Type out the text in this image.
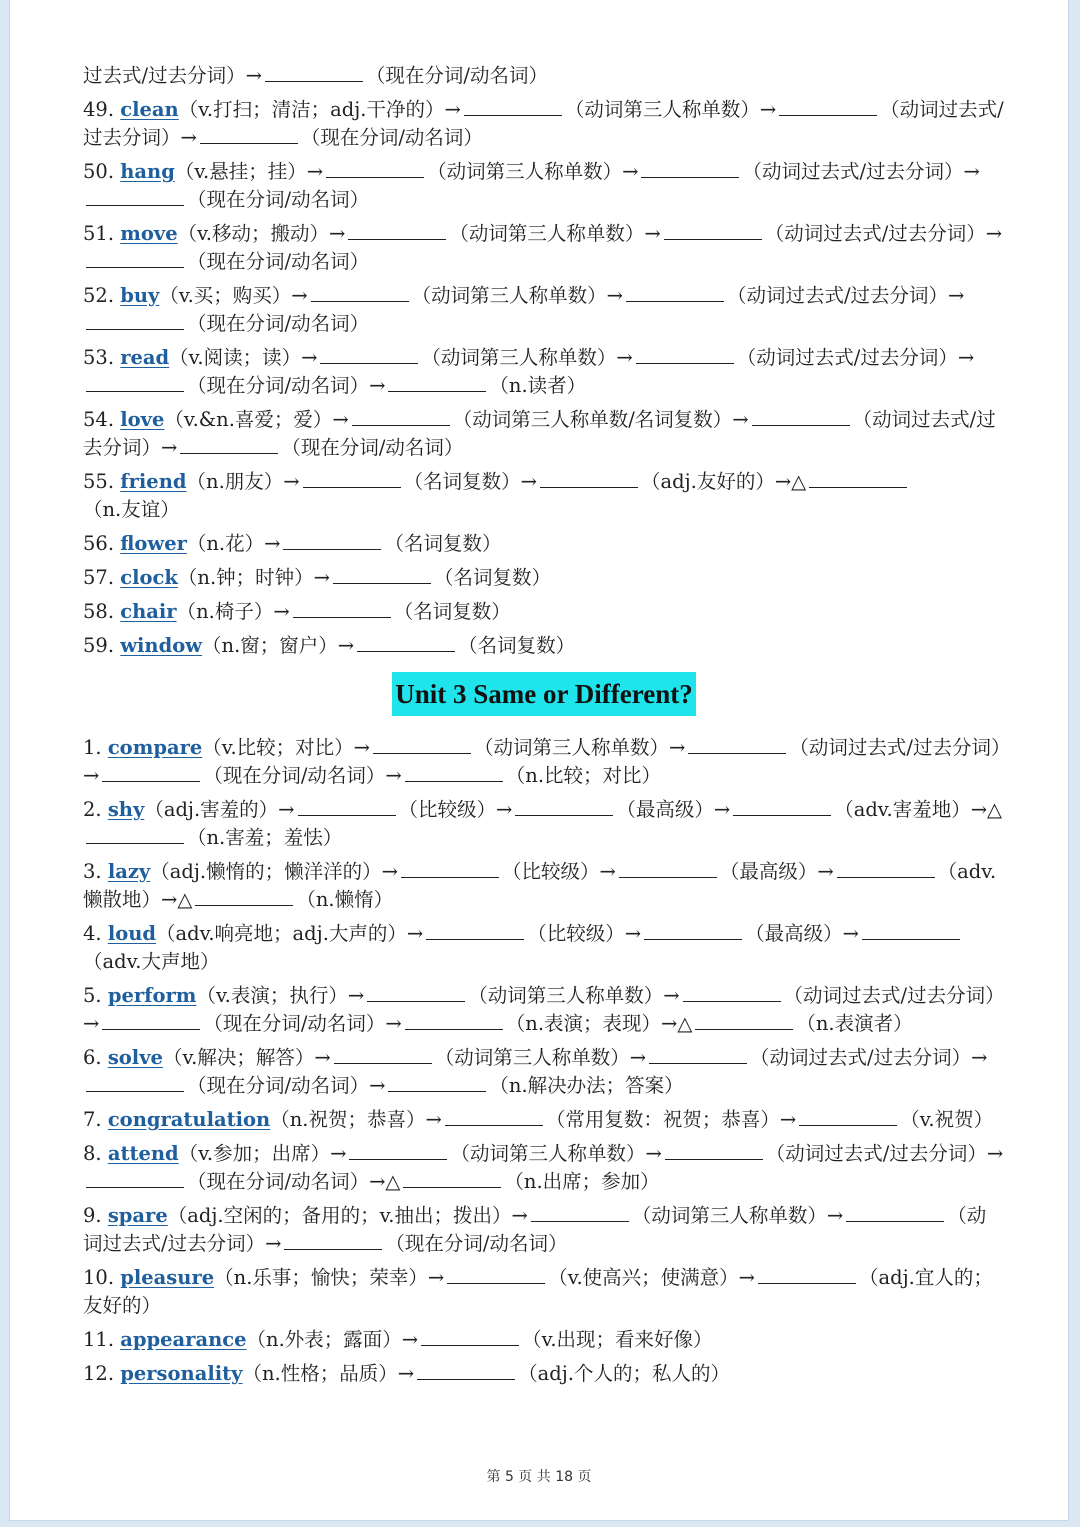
过去式/过去分词）→	（现在分词/动名词）
49. clean（v.打扫；清洁；adj.干净的）→	（动词第三人称单数）→	（动词过去式/过去分词）→	（现在分词/动名词）
50. hang（v.悬挂；挂）→	（动词第三人称单数）→	（动词过去式/过去分词）→（现在分词/动名词）
51. move（v.移动；搬动）→	（动词第三人称单数）→	（动词过去式/过去分词）→（现在分词/动名词）
52. buy（v.买；购买）→	（动词第三人称单数）→	（动词过去式/过去分词）→（现在分词/动名词）
53. read（v.阅读；读）→	（动词第三人称单数）→	（动词过去式/过去分词）→（现在分词/动名词）→	（n.读者）
54. love（v.&n.喜爱；爱）→	（动词第三人称单数/名词复数）→	（动词过去式/过去分词）→	（现在分词/动名词）
55. friend（n.朋友）→	（名词复数）→	（adj.友好的）→△（n.友谊）
56. flower（n.花）→	（名词复数）
57. clock（n.钟；时钟）→	（名词复数）
58. chair（n.椅子）→	（名词复数）
59. window（n.窗；窗户）→	（名词复数）
Unit 3 Same or Different?
1. compare（v.比较；对比）→	（动词第三人称单数）→	（动词过去式/过去分词）→	（现在分词/动名词）→	（n.比较；对比）
2. shy（adj.害羞的）→	（比较级）→	（最高级）→	（adv.害羞地）→△（n.害羞；羞怯）
3. lazy（adj.懒惰的；懒洋洋的）→	（比较级）→	（最高级）→	（adv.懒散地）→△	（n.懒惰）
4. loud（adv.响亮地；adj.大声的）→	（比较级）→	（最高级）→（adv.大声地）
5. perform（v.表演；执行）→	（动词第三人称单数）→	（动词过去式/过去分词）→	（现在分词/动名词）→	（n.表演；表现）→△	（n.表演者）
6. solve（v.解决；解答）→	（动词第三人称单数）→	（动词过去式/过去分词）→（现在分词/动名词）→	（n.解决办法；答案）
7. congratulation（n.祝贺；恭喜）→	（常用复数：祝贺；恭喜）→	（v.祝贺）
8. attend（v.参加；出席）→	（动词第三人称单数）→	（动词过去式/过去分词）→（现在分词/动名词）→△	（n.出席；参加）
9. spare（adj.空闲的；备用的；v.抽出；拨出）→	（动词第三人称单数）→	（动词过去式/过去分词）→	（现在分词/动名词）
10. pleasure（n.乐事；愉快；荣幸）→	（v.使高兴；使满意）→	（adj.宜人的；友好的）
11. appearance（n.外表；露面）→	（v.出现；看来好像）
12. personality（n.性格；品质）→	（adj.个人的；私人的）
第 5 页 共 18 页
